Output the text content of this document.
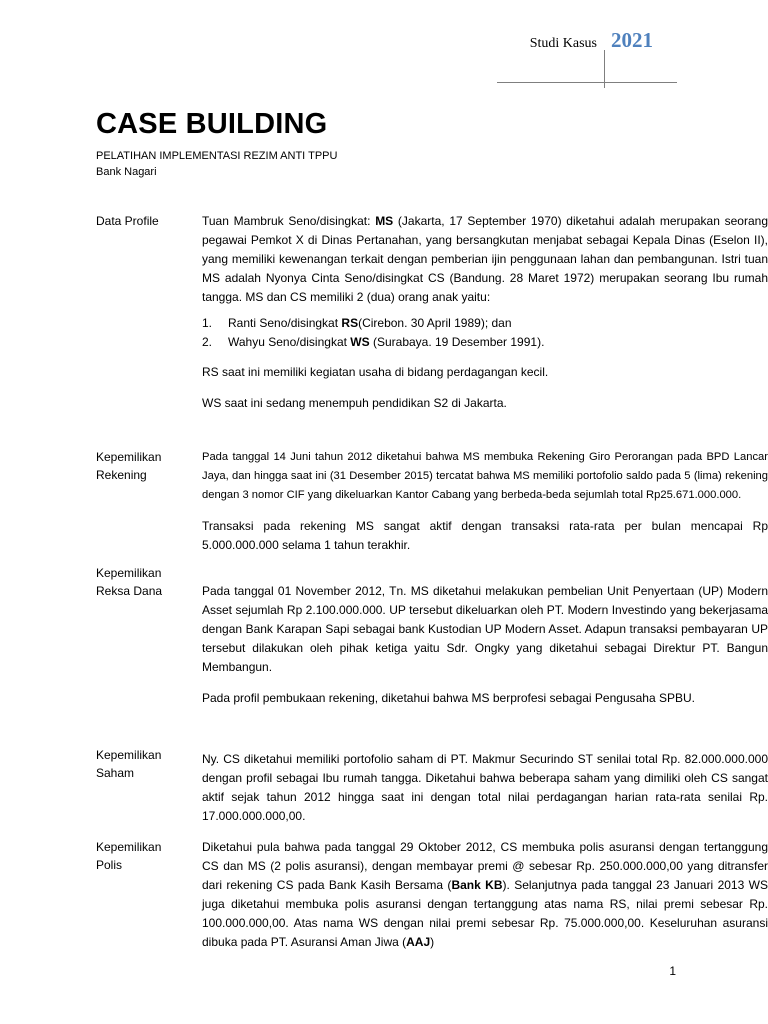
Studi Kasus 2021
CASE BUILDING
PELATIHAN IMPLEMENTASI REZIM ANTI TPPU
Bank Nagari
Data Profile	Tuan Mambruk Seno/disingkat: MS (Jakarta, 17 September 1970) diketahui adalah merupakan seorang pegawai Pemkot X di Dinas Pertanahan, yang bersangkutan menjabat sebagai Kepala Dinas (Eselon II), yang memiliki kewenangan terkait dengan pemberian ijin penggunaan lahan dan pembangunan. Istri tuan MS adalah Nyonya Cinta Seno/disingkat CS (Bandung. 28 Maret 1972) merupakan seorang Ibu rumah tangga. MS dan CS memiliki 2 (dua) orang anak yaitu:

1. Ranti Seno/disingkat RS(Cirebon. 30 April 1989); dan
2. Wahyu Seno/disingkat WS (Surabaya. 19 Desember 1991).

RS saat ini memiliki kegiatan usaha di bidang perdagangan kecil.

WS saat ini sedang menempuh pendidikan S2 di Jakarta.

Kepemilikan
Rekening

Pada tanggal 14 Juni tahun 2012 diketahui bahwa MS membuka Rekening Giro Perorangan pada BPD Lancar Jaya, dan hingga saat ini (31 Desember 2015) tercatat bahwa MS memiliki portofolio saldo pada 5 (lima) rekening dengan 3 nomor CIF yang dikeluarkan Kantor Cabang yang berbeda-beda sejumlah total Rp25.671.000.000.

Transaksi pada rekening MS sangat aktif dengan transaksi rata-rata per bulan mencapai Rp 5.000.000.000 selama 1 tahun terakhir.

Kepemilikan
Reksa Dana	Pada tanggal 01 November 2012, Tn. MS diketahui melakukan pembelian Unit Penyertaan (UP) Modern Asset sejumlah Rp 2.100.000.000. UP tersebut dikeluarkan oleh PT. Modern Investindo yang bekerjasama dengan Bank Karapan Sapi sebagai bank Kustodian UP Modern Asset. Adapun transaksi pembayaran UP tersebut dilakukan oleh pihak ketiga yaitu Sdr. Ongky yang diketahui sebagai Direktur PT. Bangun Membangun.

Pada profil pembukaan rekening, diketahui bahwa MS berprofesi sebagai Pengusaha SPBU.

Kepemilikan
Saham

Ny. CS diketahui memiliki portofolio saham di PT. Makmur Securindo ST senilai total Rp. 82.000.000.000 dengan profil sebagai Ibu rumah tangga. Diketahui bahwa beberapa saham yang dimiliki oleh CS sangat aktif sejak tahun 2012 hingga saat ini dengan total nilai perdagangan harian rata-rata senilai Rp. 17.000.000.000,00.

Kepemilikan
Polis

Diketahui pula bahwa pada tanggal 29 Oktober 2012, CS membuka polis asuransi dengan tertanggung CS dan MS (2 polis asuransi), dengan membayar premi @ sebesar Rp. 250.000.000,00 yang ditransfer dari rekening CS pada Bank Kasih Bersama (Bank KB). Selanjutnya pada tanggal 23 Januari 2013 WS juga diketahui membuka polis asuransi dengan tertanggung atas nama RS, nilai premi sebesar Rp. 100.000.000,00. Atas nama WS dengan nilai premi sebesar Rp. 75.000.000,00. Keseluruhan asuransi dibuka pada PT. Asuransi Aman Jiwa (AAJ)

1
